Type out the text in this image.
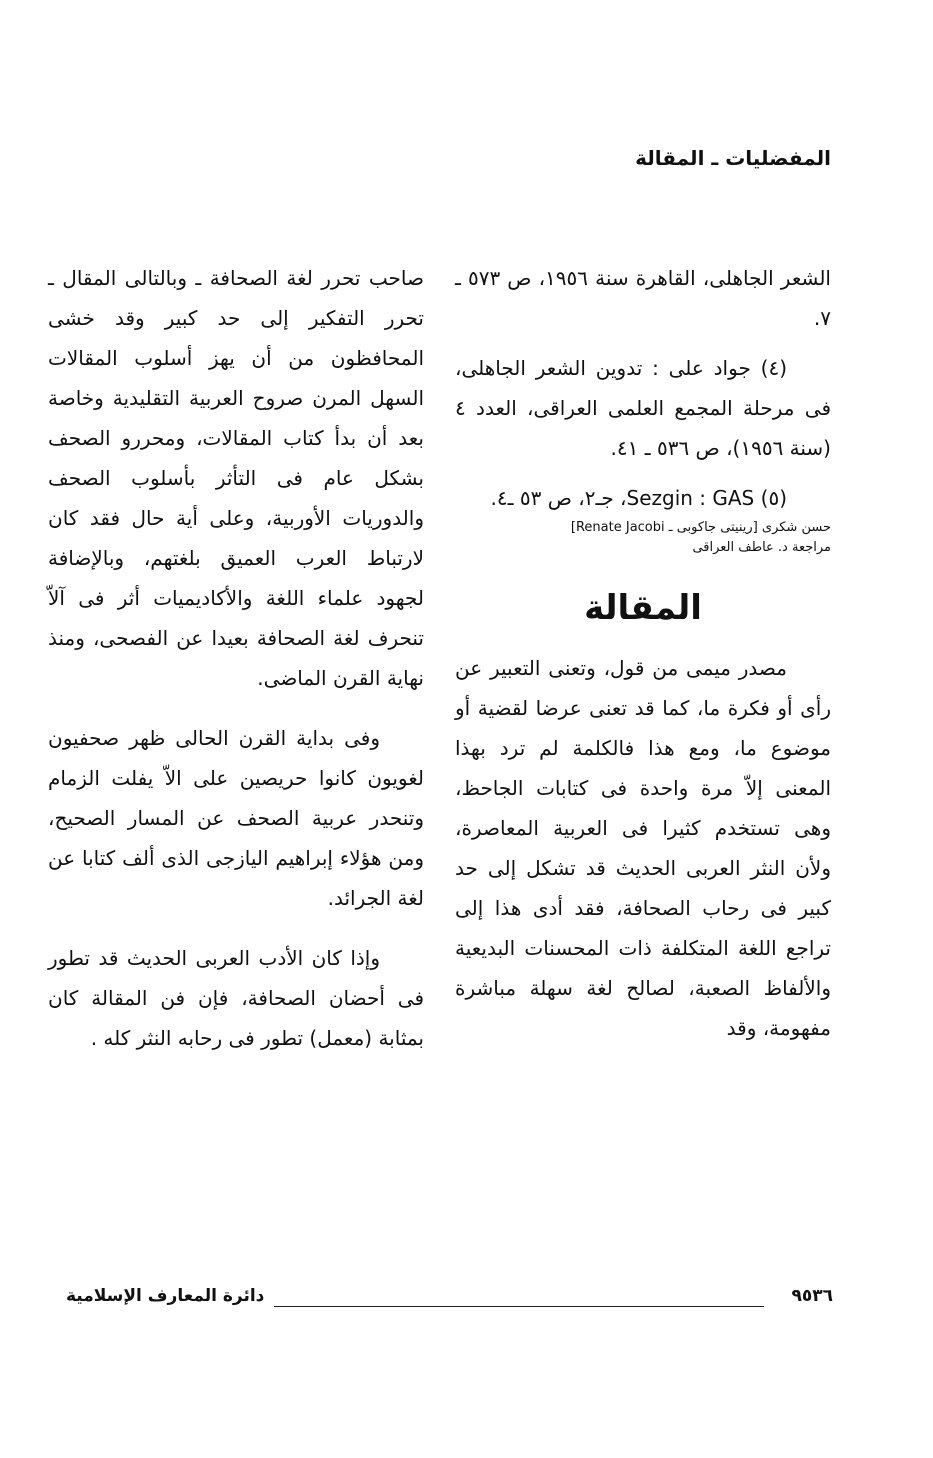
المفضليات ـ المقالة

الشعر الجاهلى، القاهرة سنة ١٩٥٦، ص ٥٧٣ ـ ٧.

(٤) جواد على : تدوين الشعر الجاهلى، فى مرحلة المجمع العلمى العراقى، العدد ٤ (سنة ١٩٥٦)، ص ٥٣٦ ـ ٤١.

(٥) Sezgin : GAS، جـ٢، ص ٥٣ ـ٤.

حسن شكرى [رينيتى جاكوبى ـ Renate Jacobi]

مراجعة د. عاطف العراقى

المقالة

مصدر ميمى من قول، وتعنى التعبير عن رأى أو فكرة ما، كما قد تعنى عرضا لقضية أو موضوع ما، ومع هذا فالكلمة لم ترد بهذا المعنى إلاّ مرة واحدة فى كتابات الجاحظ، وهى تستخدم كثيرا فى العربية المعاصرة، ولأن النثر العربى الحديث قد تشكل إلى حد كبير فى رحاب الصحافة، فقد أدى هذا إلى تراجع اللغة المتكلفة ذات المحسنات البديعية والألفاظ الصعبة، لصالح لغة سهلة مباشرة مفهومة، وقد

صاحب تحرر لغة الصحافة ـ وبالتالى المقال ـ تحرر التفكير إلى حد كبير وقد خشى المحافظون من أن يهز أسلوب المقالات السهل المرن صروح العربية التقليدية وخاصة بعد أن بدأ كتاب المقالات، ومحررو الصحف بشكل عام فى التأثر بأسلوب الصحف والدوريات الأوربية، وعلى أية حال فقد كان لارتباط العرب العميق بلغتهم، وبالإضافة لجهود علماء اللغة والأكاديميات أثر فى آلاّ تنحرف لغة الصحافة بعيدا عن الفصحى، ومنذ نهاية القرن الماضى.

وفى بداية القرن الحالى ظهر صحفيون لغويون كانوا حريصين على الاّ يفلت الزمام وتنحدر عربية الصحف عن المسار الصحيح، ومن هؤلاء إبراهيم اليازجى الذى ألف كتابا عن لغة الجرائد.

وإذا كان الأدب العربى الحديث قد تطور فى أحضان الصحافة، فإن فن المقالة كان بمثابة (معمل) تطور فى رحابه النثر كله .

٩٥٣٦
دائرة المعارف الإسلامية
